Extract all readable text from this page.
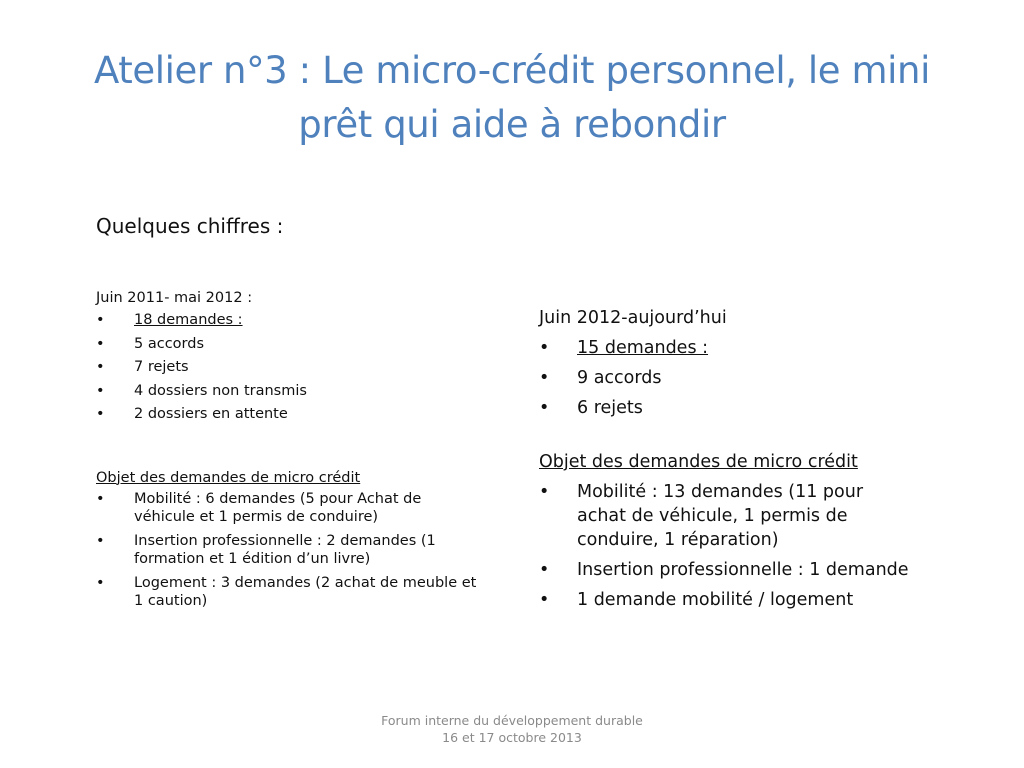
Atelier n°3 : Le micro-crédit personnel, le mini prêt qui aide à rebondir

Quelques chiffres :

Juin 2011- mai 2012 :

• 18 demandes :
• 5 accords
• 7 rejets
• 4 dossiers non transmis
• 2 dossiers en attente

Objet des demandes de micro crédit

• Mobilité : 6 demandes (5 pour Achat de véhicule et 1 permis de conduire)
• Insertion professionnelle : 2 demandes (1 formation et 1 édition d’un livre)
• Logement : 3 demandes (2 achat de meuble et 1 caution)

Juin 2012-aujourd’hui

• 15 demandes :
• 9 accords
• 6 rejets

Objet des demandes de micro crédit

• Mobilité : 13 demandes (11 pour achat de véhicule, 1 permis de conduire, 1 réparation)
• Insertion professionnelle : 1 demande
• 1 demande mobilité / logement
Forum interne du développement durable
16 et 17 octobre 2013
